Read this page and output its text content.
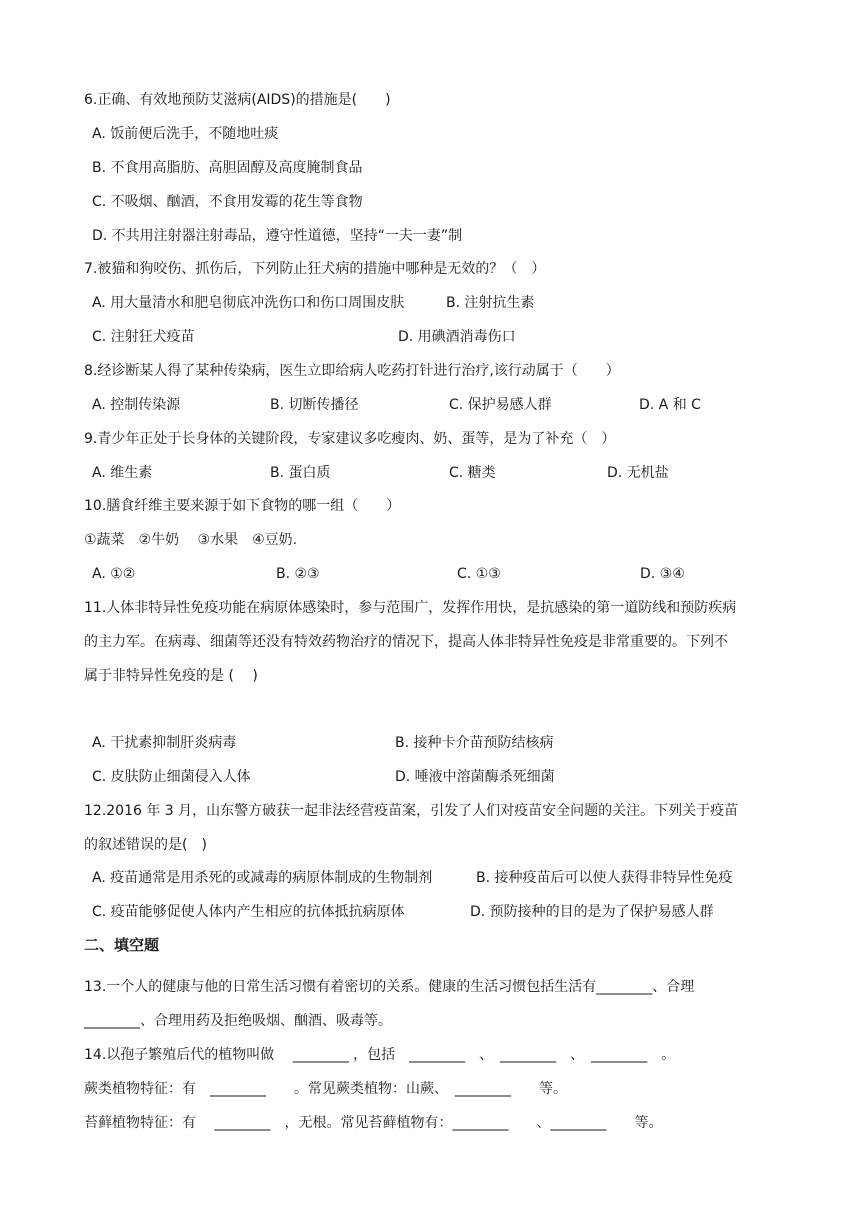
6.正确、有效地预防艾滋病(AIDS)的措施是(　　)
A. 饭前便后洗手，不随地吐痰
B. 不食用高脂肪、高胆固醇及高度腌制食品
C. 不吸烟、酗酒，不食用发霉的花生等食物
D. 不共用注射器注射毒品，遵守性道德，坚持“一夫一妻”制
7.被猫和狗咬伤、抓伤后，下列防止狂犬病的措施中哪种是无效的？（　）
A. 用大量清水和肥皂彻底冲洗伤口和伤口周围皮肤	B. 注射抗生素
C. 注射狂犬疫苗	D. 用碘酒消毒伤口
8.经诊断某人得了某种传染病，医生立即给病人吃药打针进行治疗,该行动属于（　　）
A. 控制传染源	B. 切断传播径	C. 保护易感人群	D. A 和 C
9.青少年正处于长身体的关键阶段，专家建议多吃瘦肉、奶、蛋等，是为了补充（　）
A. 维生素	B. 蛋白质	C. 糖类	D. 无机盐
10.膳食纤维主要来源于如下食物的哪一组（　　）
①蔬菜　②牛奶　 ③水果　④豆奶.
A. ①②	B. ②③	C. ①③	D. ③④
11.人体非特异性免疫功能在病原体感染时，参与范围广，发挥作用快，是抗感染的第一道防线和预防疾病
的主力军。在病毒、细菌等还没有特效药物治疗的情况下，提高人体非特异性免疫是非常重要的。下列不
属于非特异性免疫的是 (　 )
A. 干扰素抑制肝炎病毒	B. 接种卡介苗预防结核病
C. 皮肤防止细菌侵入人体	D. 唾液中溶菌酶杀死细菌
12.2016 年 3 月，山东警方破获一起非法经营疫苗案，引发了人们对疫苗安全问题的关注。下列关于疫苗
的叙述错误的是(　)
A. 疫苗通常是用杀死的或减毒的病原体制成的生物制剂	B. 接种疫苗后可以使人获得非特异性免疫
C. 疫苗能够促使人体内产生相应的抗体抵抗病原体	D. 预防接种的目的是为了保护易感人群
二、填空题
13.一个人的健康与他的日常生活习惯有着密切的关系。健康的生活习惯包括生活有________、合理
________、合理用药及拒绝吸烟、酗酒、吸毒等。
14.以孢子繁殖后代的植物叫做　 ________ ，包括　________　、　________　、　________　。
蕨类植物特征：有　________　　。常见蕨类植物：山蕨、　________　　等。
苔藓植物特征：有　 ________　，无根。常见苔藓植物有：________　　、________　　等。
